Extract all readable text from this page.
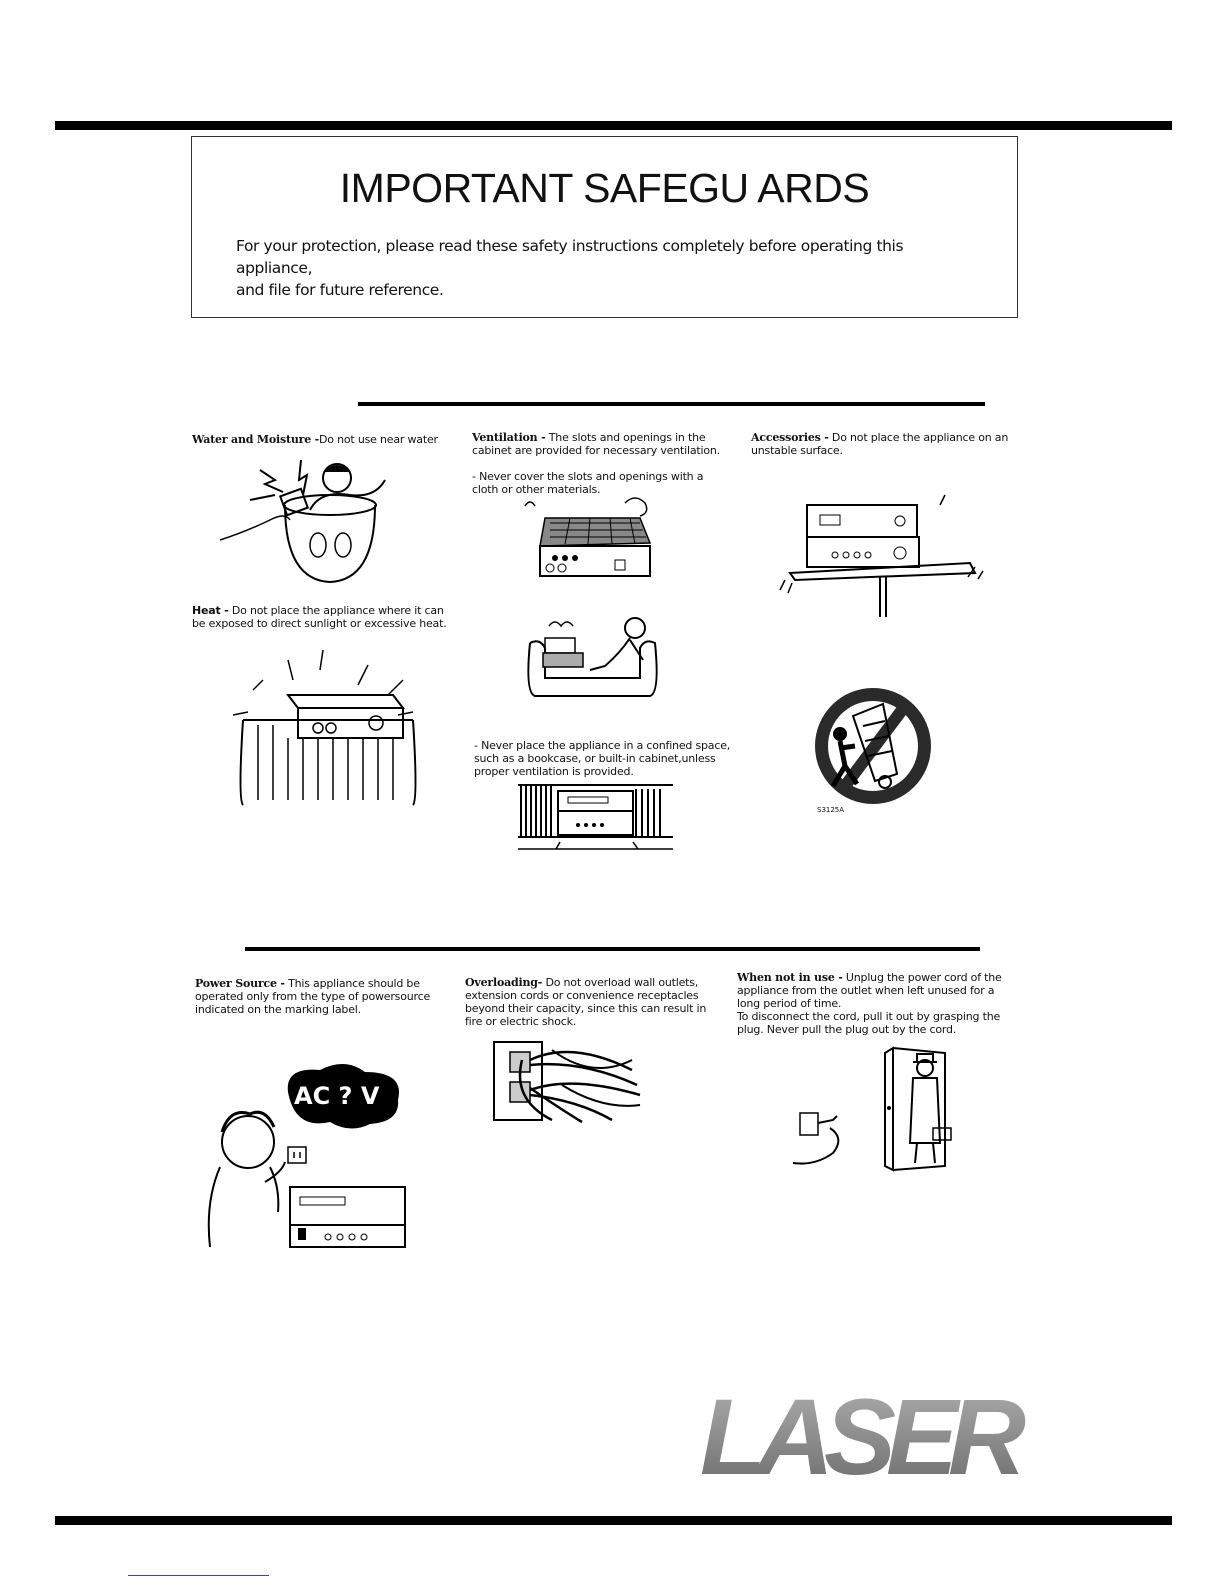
IMPORTANT SAFEGU ARDS
For your protection, please read these safety instructions completely before operating this appliance,
and file for future reference.
Water and Moisture -Do not use near water
Heat - Do not place the appliance where it can be exposed to direct sunlight or excessive heat.
Ventilation - The slots and openings in the cabinet are provided for necessary ventilation.
- Never cover the slots and openings with a cloth or other materials.
- Never place the appliance in a confined space, such as a bookcase, or built-in cabinet,unless proper ventilation is provided.
Accessories - Do not place the appliance on an unstable surface.
S3125A
Power Source - This appliance should be operated only from the type of powersource indicated on the marking label.
AC ? V
Overloading- Do not overload wall outlets, extension cords or convenience receptacles beyond their capacity, since this can result in fire or electric shock.
When not in use - Unplug the power cord of the appliance from the outlet when left unused for a long period of time.
To disconnect the cord, pull it out by grasping the plug. Never pull the plug out by the cord.
LASER
